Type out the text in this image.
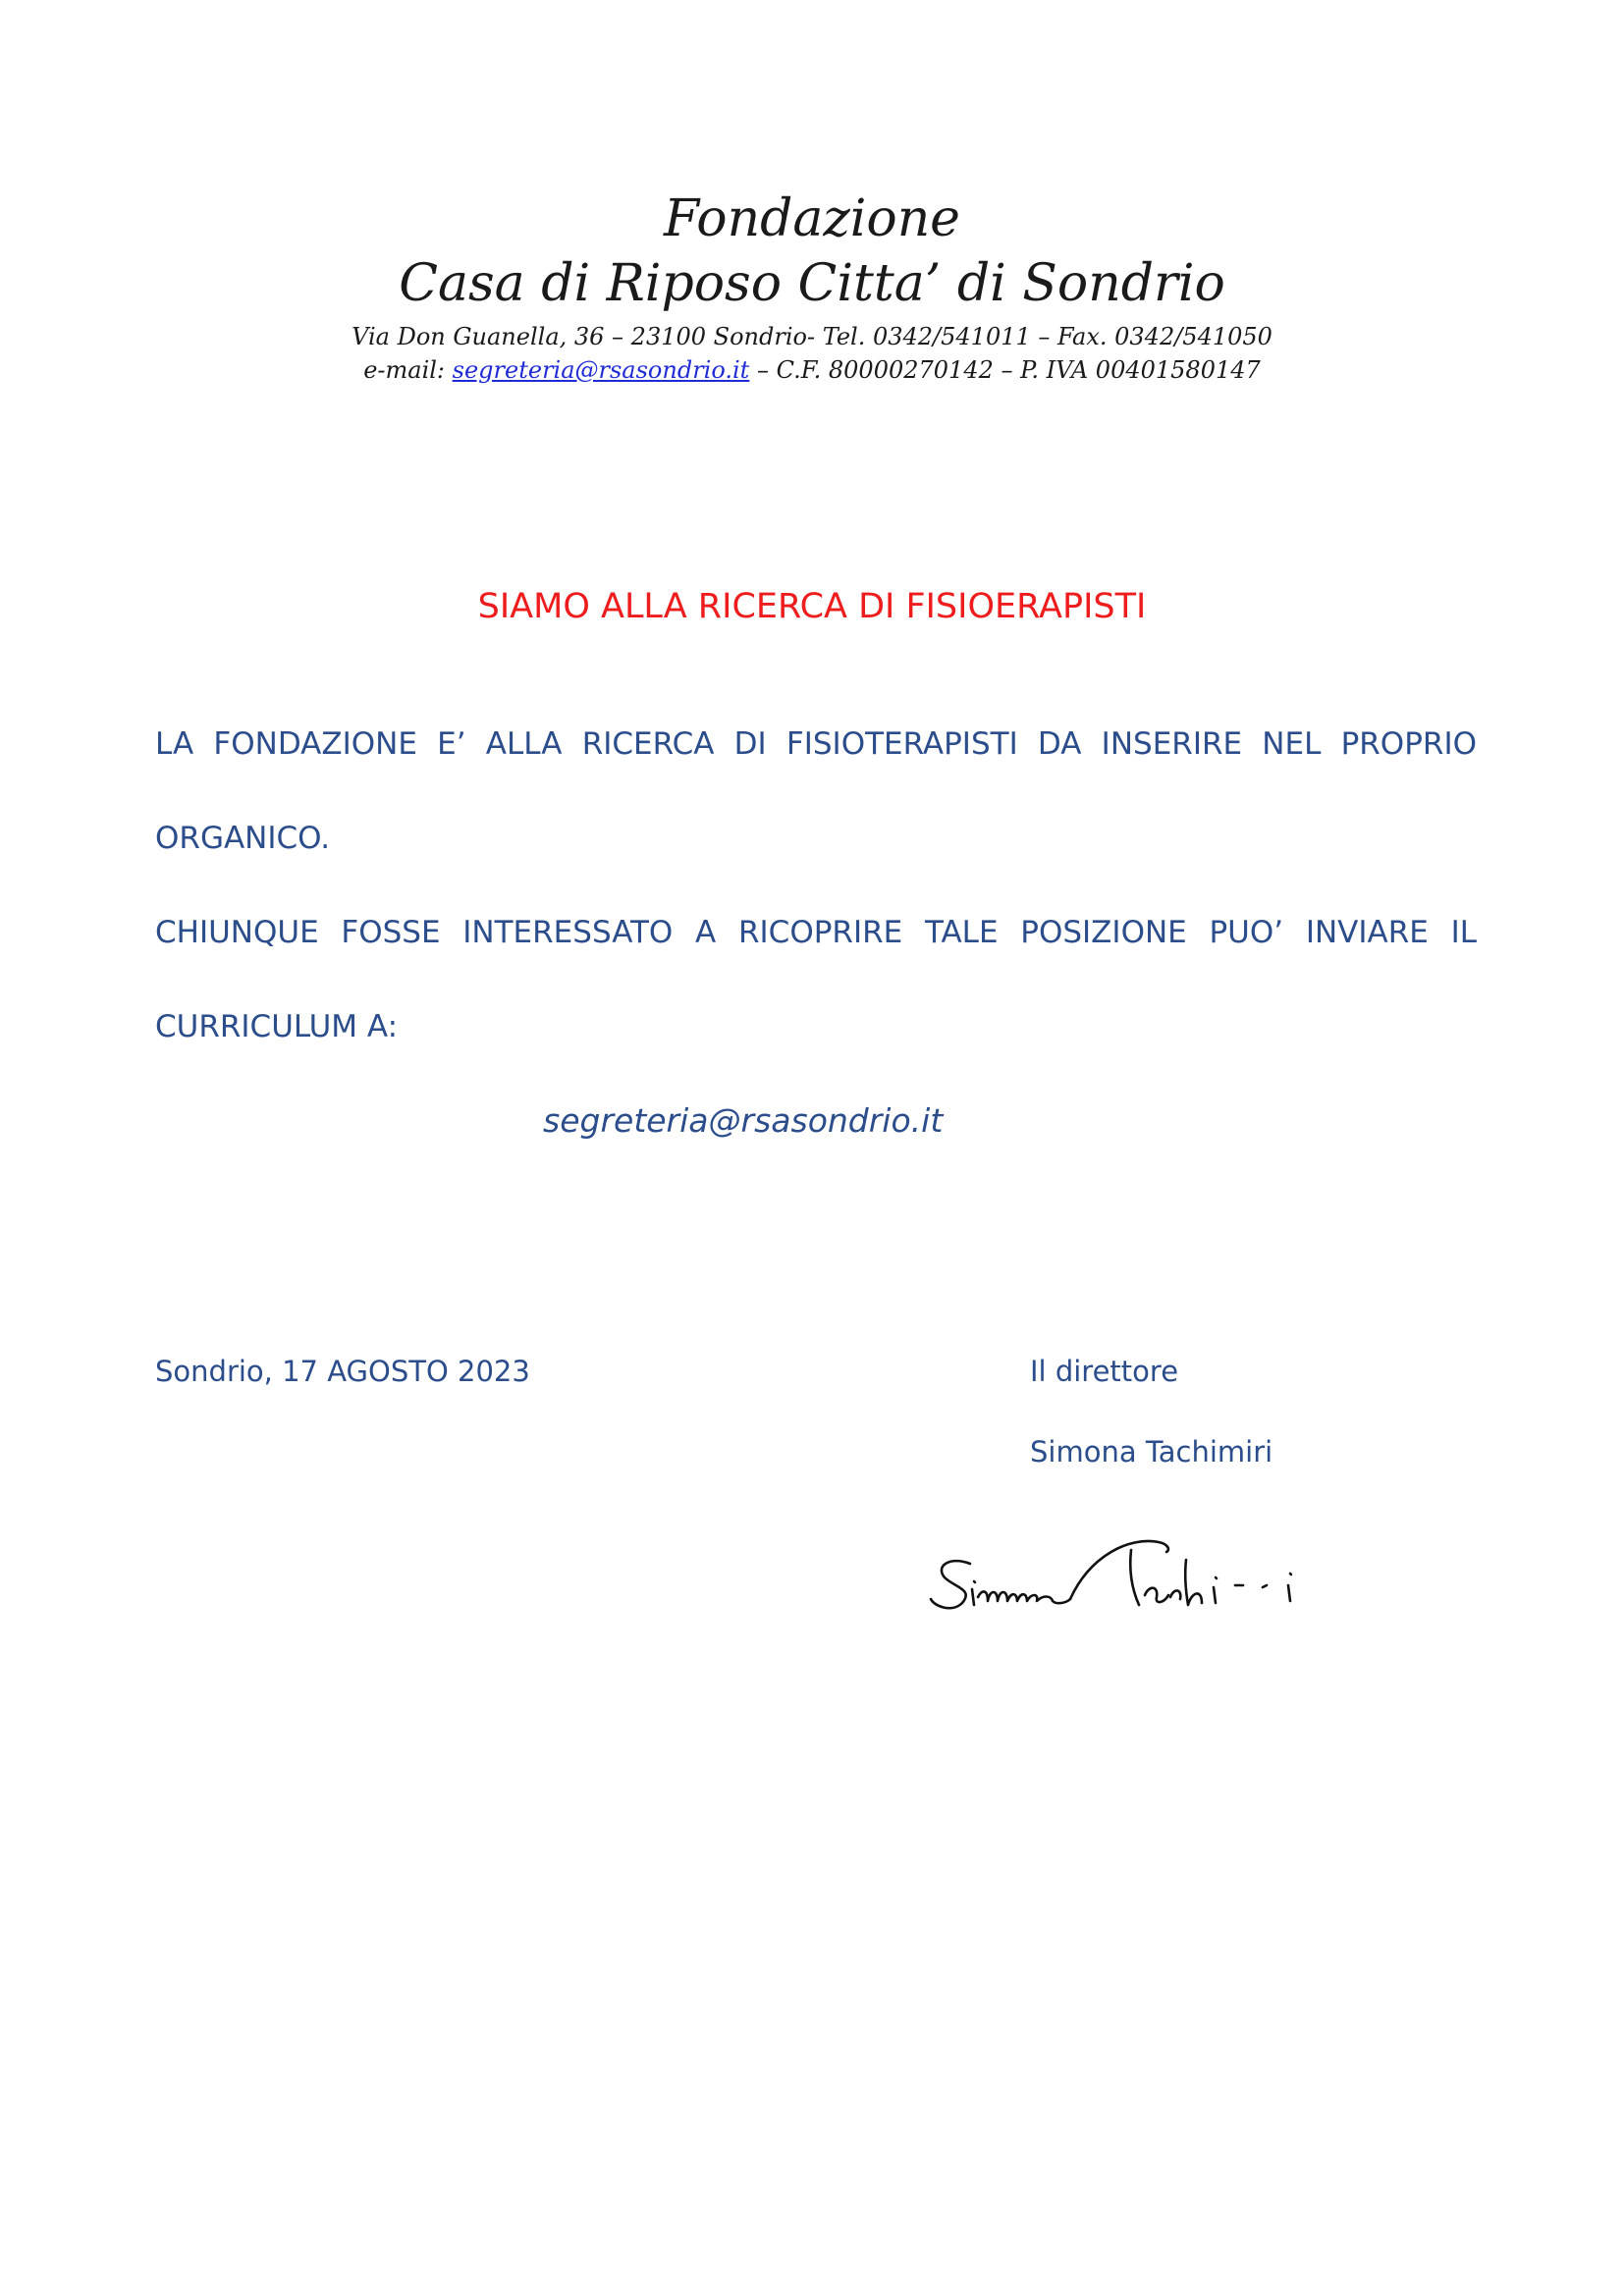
Fondazione
Casa di Riposo Citta’ di Sondrio
Via Don Guanella, 36 – 23100 Sondrio- Tel. 0342/541011 – Fax. 0342/541050
e-mail: segreteria@rsasondrio.it – C.F. 80000270142 – P. IVA 00401580147
SIAMO ALLA RICERCA DI FISIOERAPISTI
LA FONDAZIONE E’ ALLA RICERCA DI FISIOTERAPISTI DA INSERIRE NEL PROPRIO
ORGANICO.
CHIUNQUE FOSSE INTERESSATO A RICOPRIRE TALE POSIZIONE PUO’ INVIARE IL
CURRICULUM A:
segreteria@rsasondrio.it
Sondrio, 17 AGOSTO 2023	Il direttore
Simona Tachimiri
